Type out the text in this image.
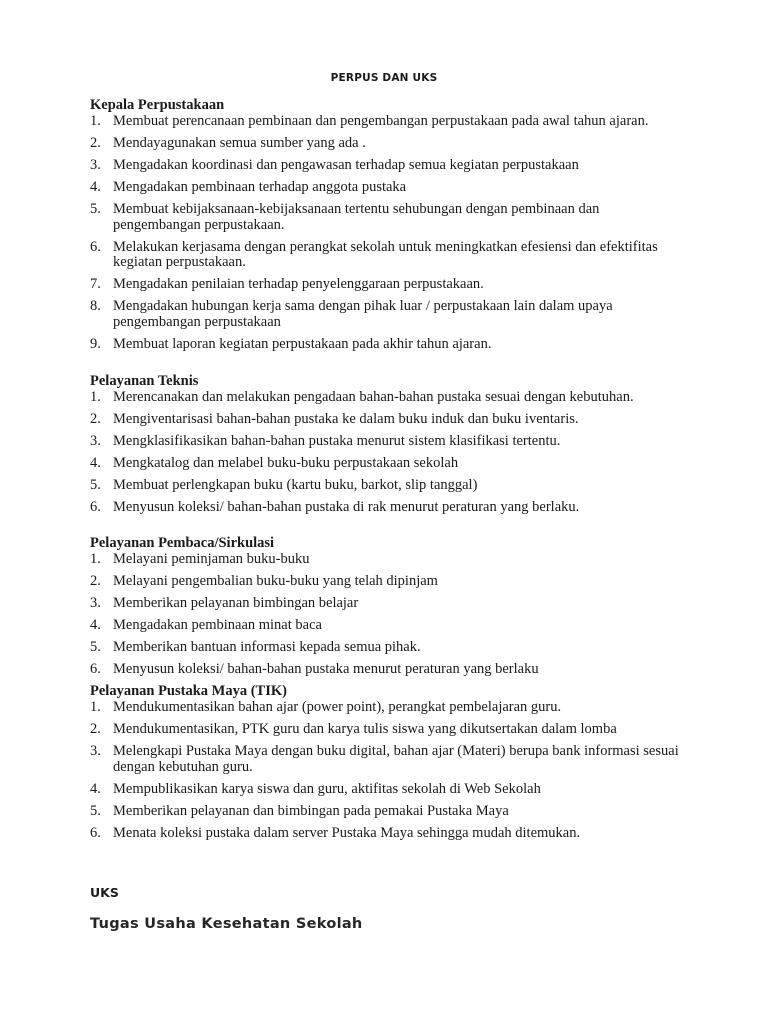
PERPUS DAN UKS

Kepala Perpustakaan

1. Membuat perencanaan pembinaan dan pengembangan perpustakaan pada awal tahun ajaran.
2. Mendayagunakan semua sumber yang ada .
3. Mengadakan koordinasi dan pengawasan terhadap semua kegiatan perpustakaan
4. Mengadakan pembinaan terhadap anggota pustaka
5. Membuat kebijaksanaan-kebijaksanaan tertentu sehubungan dengan pembinaan dan pengembangan perpustakaan.
6. Melakukan kerjasama dengan perangkat sekolah untuk meningkatkan efesiensi dan efektifitas kegiatan perpustakaan.
7. Mengadakan penilaian terhadap penyelenggaraan perpustakaan.
8. Mengadakan hubungan kerja sama dengan pihak luar / perpustakaan lain dalam upaya pengembangan perpustakaan
9. Membuat laporan kegiatan perpustakaan pada akhir tahun ajaran.

Pelayanan Teknis

1. Merencanakan dan melakukan pengadaan bahan-bahan pustaka sesuai dengan kebutuhan.
2. Mengiventarisasi bahan-bahan pustaka ke dalam buku induk dan buku iventaris.
3. Mengklasifikasikan bahan-bahan pustaka menurut sistem klasifikasi tertentu.
4. Mengkatalog dan melabel buku-buku perpustakaan sekolah
5. Membuat perlengkapan buku (kartu buku, barkot, slip tanggal)
6. Menyusun koleksi/ bahan-bahan pustaka di rak menurut peraturan yang berlaku.

Pelayanan Pembaca/Sirkulasi

1. Melayani peminjaman buku-buku
2. Melayani pengembalian buku-buku yang telah dipinjam
3. Memberikan pelayanan bimbingan belajar
4. Mengadakan pembinaan minat baca
5. Memberikan bantuan informasi kepada semua pihak.
6. Menyusun koleksi/ bahan-bahan pustaka menurut peraturan yang berlaku

Pelayanan Pustaka Maya (TIK)

1. Mendukumentasikan bahan ajar (power point), perangkat pembelajaran guru.
2. Mendukumentasikan, PTK guru dan karya tulis siswa yang dikutsertakan dalam lomba
3. Melengkapi Pustaka Maya dengan buku digital, bahan ajar (Materi) berupa bank informasi sesuai dengan kebutuhan guru.
4. Mempublikasikan karya siswa dan guru, aktifitas sekolah di Web Sekolah
5. Memberikan pelayanan dan bimbingan pada pemakai Pustaka Maya
6. Menata koleksi pustaka dalam server Pustaka Maya sehingga mudah ditemukan.
UKS
Tugas Usaha Kesehatan Sekolah
